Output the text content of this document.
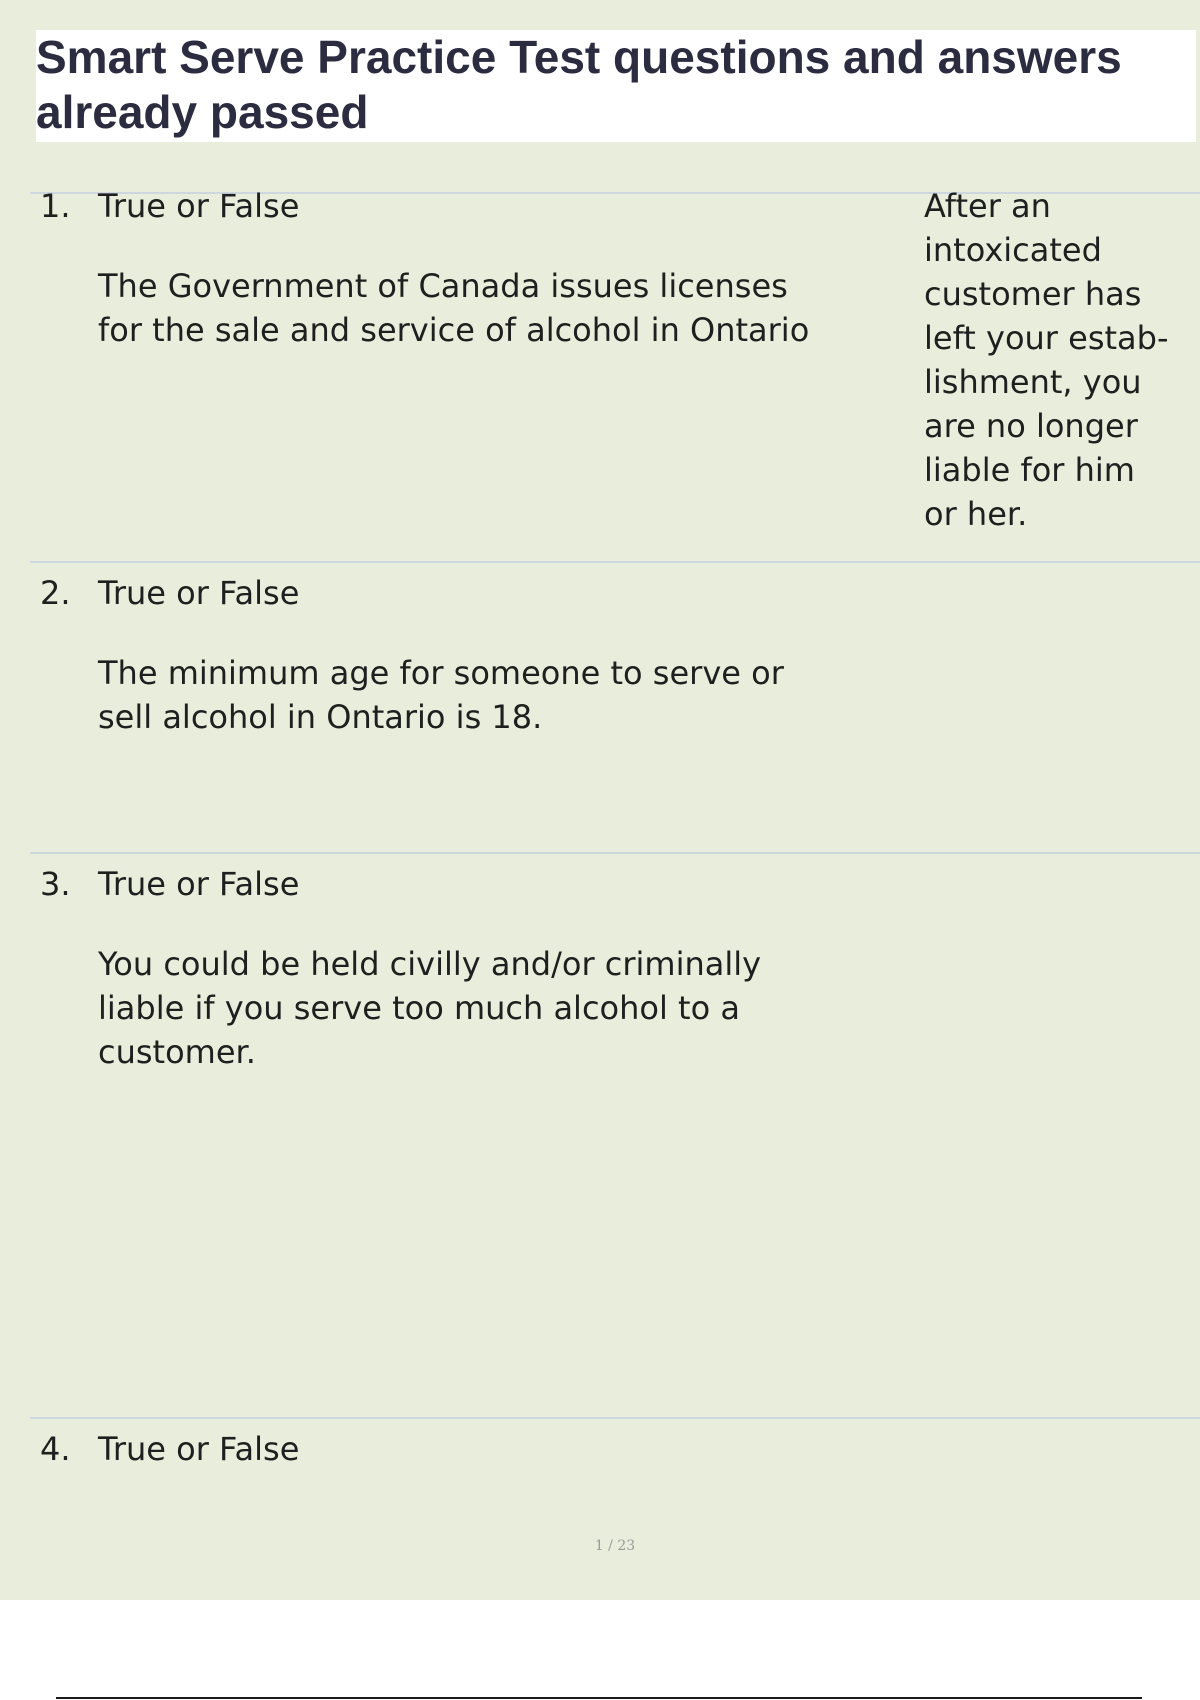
Smart Serve Practice Test questions and answers already passed
1. True or False
The Government of Canada issues licenses
for the sale and service of alcohol in Ontario
After an
intoxicated
customer has
left your estab-
lishment, you
are no longer
liable for him
or her.
2. True or False
The minimum age for someone to serve or
sell alcohol in Ontario is 18.
3. True or False
You could be held civilly and/or criminally
liable if you serve too much alcohol to a
customer.
4. True or False
1 / 23
